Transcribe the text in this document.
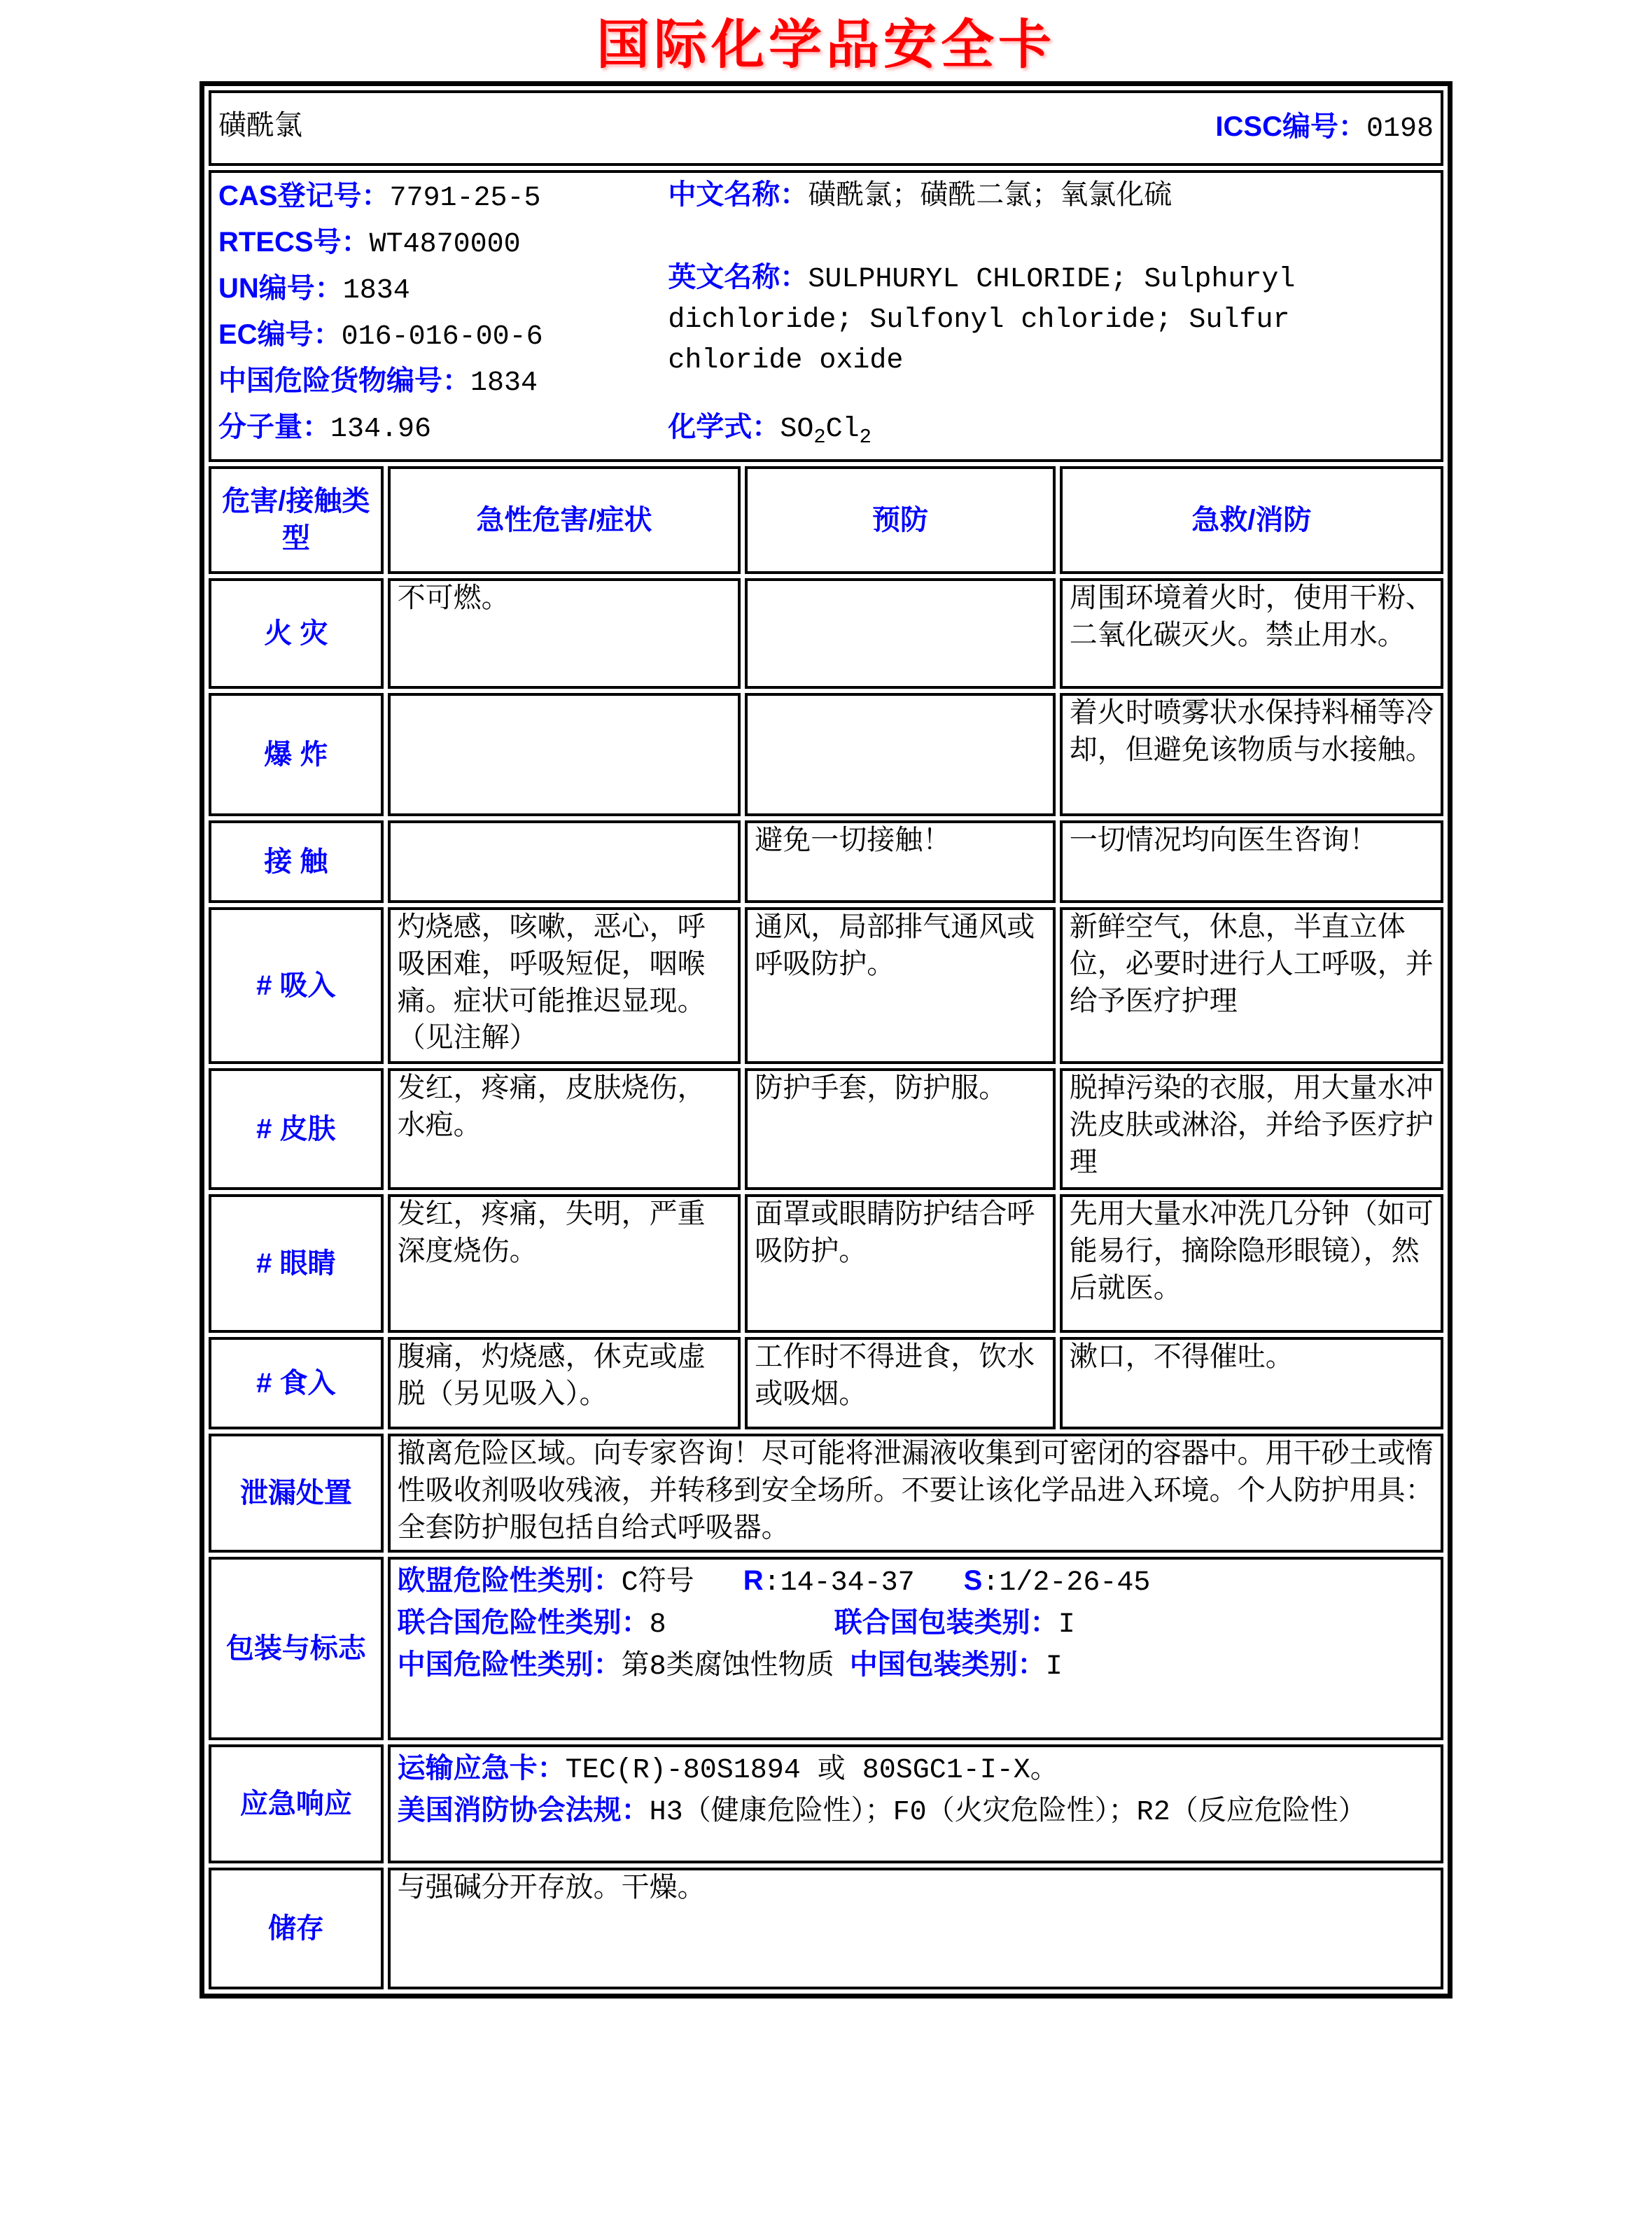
国际化学品安全卡
磺酰氯 ICSC编号：0198			

CAS登记号：7791-25-5
RTECS号：WT4870000
UN编号：1834
EC编号：016-016-00-6
中国危险货物编号：1834
分子量：134.96
中文名称：磺酰氯；磺酰二氯；氧氯化硫
英文名称：SULPHURYL CHLORIDE; Sulphuryl dichloride; Sulfonyl chloride; Sulfur chloride oxide
化学式：$SO_2Cl_2$

危害/接触类型	急性危害/症状	预防	急救/消防
火 灾	不可燃。		周围环境着火时，使用干粉、二氧化碳灭火。禁止用水。
爆 炸			着火时喷雾状水保持料桶等冷却，但避免该物质与水接触。
接 触		避免一切接触！	一切情况均向医生咨询！
# 吸入	灼烧感，咳嗽，恶心，呼吸困难，呼吸短促，咽喉痛。症状可能推迟显现。（见注解）	通风，局部排气通风或呼吸防护。	新鲜空气，休息，半直立体位，必要时进行人工呼吸，并给予医疗护理
# 皮肤	发红，疼痛，皮肤烧伤，水疱。	防护手套，防护服。	脱掉污染的衣服，用大量水冲洗皮肤或淋浴，并给予医疗护理
# 眼睛	发红，疼痛，失明，严重深度烧伤。	面罩或眼睛防护结合呼吸防护。	先用大量水冲洗几分钟（如可能易行，摘除隐形眼镜），然后就医。
# 食入	腹痛，灼烧感，休克或虚脱（另见吸入）。	工作时不得进食，饮水或吸烟。	漱口，不得催吐。
泄漏处置	撤离危险区域。向专家咨询！尽可能将泄漏液收集到可密闭的容器中。用干砂土或惰性吸收剂吸收残液，并转移到安全场所。不要让该化学品进入环境。个人防护用具：全套防护服包括自给式呼吸器。		
包装与标志	欧盟危险性类别：C符号 R:14-34-37 S:1/2-26-45
联合国危险性类别：8 联合国包装类别：I
中国危险性类别：第8类腐蚀性物质 中国包装类别：I		

应急响应	运输应急卡：TEC(R)-80S1894 或 80SGC1-I-X。
美国消防协会法规：H3（健康危险性）；F0（火灾危险性）；R2（反应危险性）		

储存	与强碱分开存放。干燥。		
